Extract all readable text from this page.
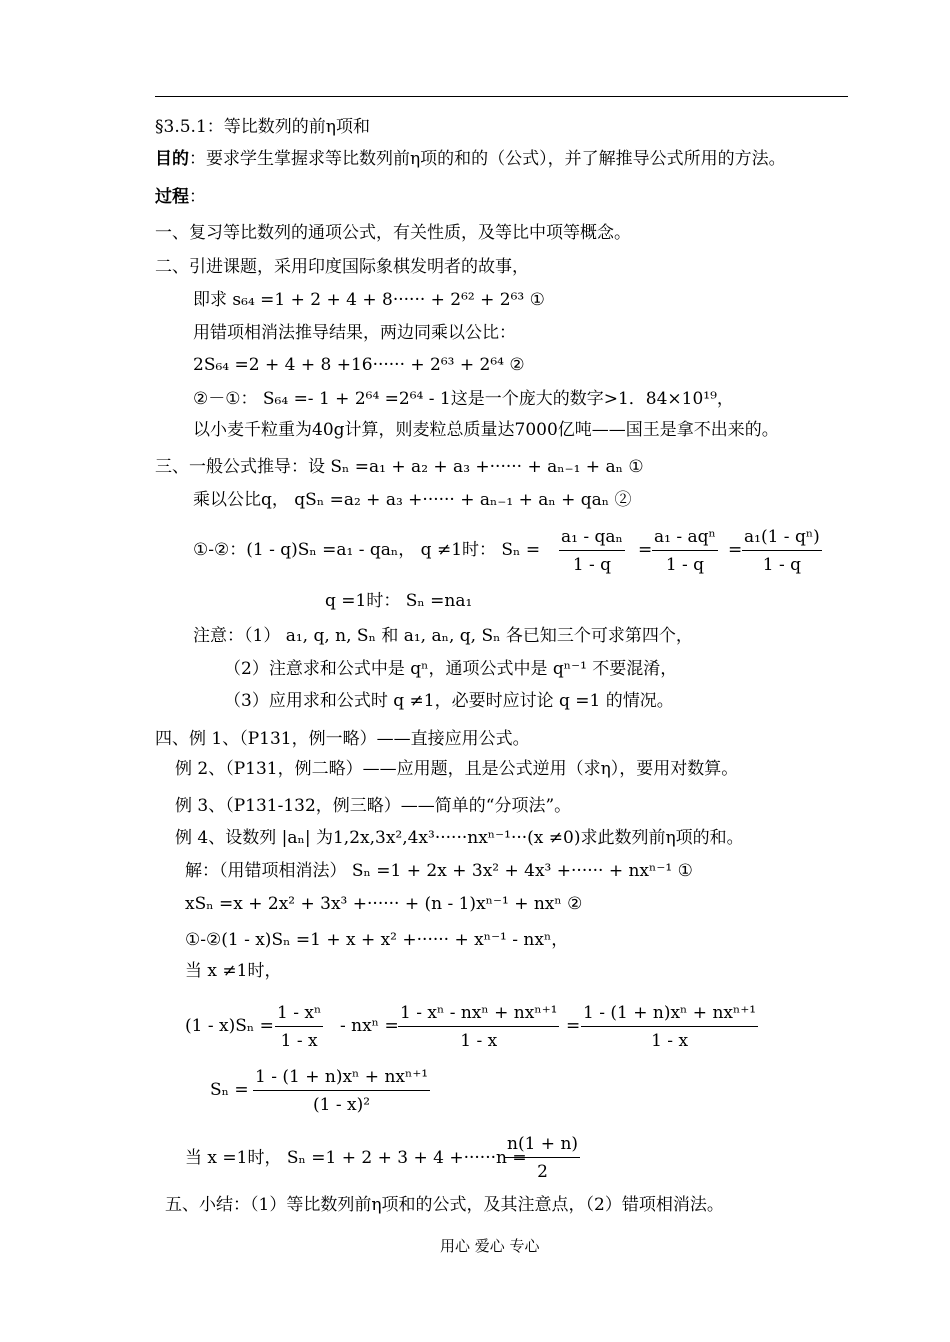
§3.5.1：等比数列的前η项和
目的：要求学生掌握求等比数列前η项的和的（公式），并了解推导公式所用的方法。
过程：
一、复习等比数列的通项公式，有关性质，及等比中项等概念。
二、引进课题，采用印度国际象棋发明者的故事，
即求 s₆₄ =1 + 2 + 4 + 8······ + 2⁶² + 2⁶³ ①
用错项相消法推导结果，两边同乘以公比：
2S₆₄ =2 + 4 + 8 +16······ + 2⁶³ + 2⁶⁴ ②
②－①： S₆₄ =- 1 + 2⁶⁴ =2⁶⁴ - 1这是一个庞大的数字>1．84×10¹⁹，
以小麦千粒重为40g计算，则麦粒总质量达7000亿吨——国王是拿不出来的。
三、一般公式推导：设 Sₙ =a₁ + a₂ + a₃ +······ + aₙ₋₁ + aₙ ①
乘以公比q， qSₙ =a₂ + a₃ +······ + aₙ₋₁ + aₙ + qaₙ ②
①-②：(1 - q)Sₙ =a₁ - qaₙ， q ≠1时： Sₙ =
a₁ - qaₙ
1 - q
=
a₁ - aqⁿ
1 - q
= $\frac{\text{a₁(1 - qⁿ)}}{1 - q}$
q =1时： Sₙ =na₁
注意：（1） a₁, q, n, Sₙ 和 a₁, aₙ, q, Sₙ 各已知三个可求第四个，
（2）注意求和公式中是 qⁿ，通项公式中是 qⁿ⁻¹ 不要混淆，
（3）应用求和公式时 q ≠1，必要时应讨论 q =1 的情况。
四、例 1、（P131，例一略）——直接应用公式。
例 2、（P131，例二略）——应用题，且是公式逆用（求η），要用对数算。
例 3、（P131-132，例三略）——简单的“分项法”。
例 4、设数列 |aₙ| 为1,2x,3x²,4x³······nxⁿ⁻¹···(x ≠0)求此数列前η项的和。
解：（用错项相消法） Sₙ =1 + 2x + 3x² + 4x³ +······ + nxⁿ⁻¹ ①
xSₙ =x + 2x² + 3x³ +······ + (n - 1)xⁿ⁻¹ + nxⁿ ②
①-②(1 - x)Sₙ =1 + x + x² +······ + xⁿ⁻¹ - nxⁿ，
当 x ≠1时，
$(1 - x)S_n = \frac{\text{1 - xⁿ}}{1 - x} - nx^n$ =
1 - xⁿ - nxⁿ + nxⁿ⁺¹
1 - x
=
1 - (1 + n)xⁿ + nxⁿ⁺¹
1 - x
Sₙ =
1 - (1 + n)xⁿ + nxⁿ⁺¹
(1 - x)²
当 x =1时， Sₙ =1 + 2 + 3 + 4 +······n =
$\frac{n(1 + n)}{2}$
五、小结：（1）等比数列前η项和的公式，及其注意点，（2）错项相消法。
用心 爱心 专心
